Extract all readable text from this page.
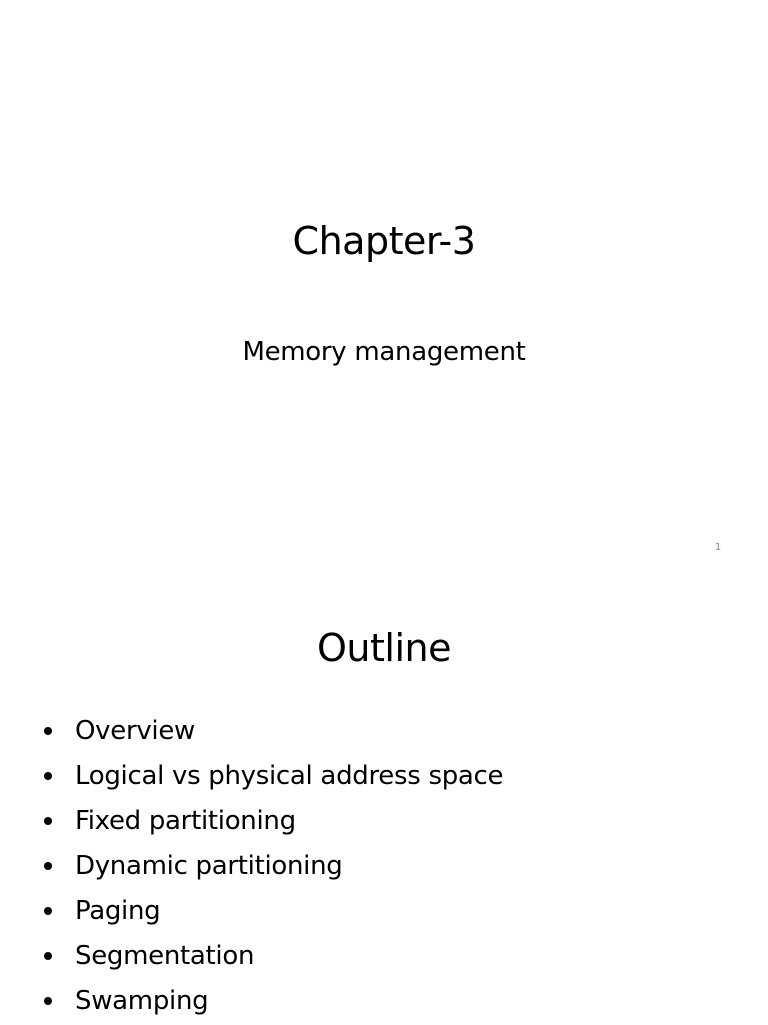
Chapter-3
Memory management
1
Outline
Overview
Logical vs physical address space
Fixed partitioning
Dynamic partitioning
Paging
Segmentation
Swamping
